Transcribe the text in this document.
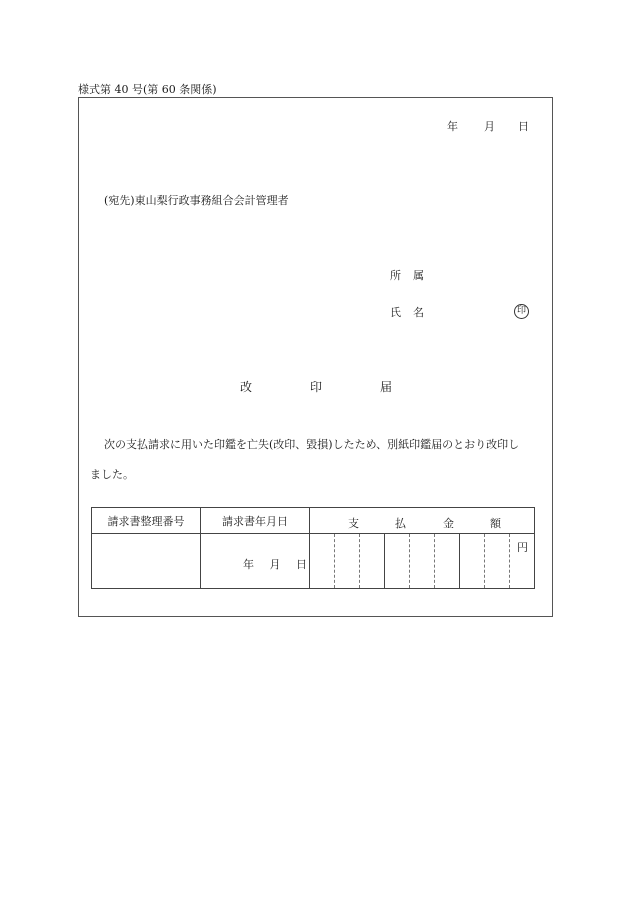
様式第 40 号(第 60 条関係)
年 月 日
(宛先)東山梨行政事務組合会計管理者
所 属
氏 名	印
改	印	届
次の支払請求に用いた印鑑を亡失(改印、毀損)したため、別紙印鑑届のとおり改印し
ました。
請求書整理番号	請求書年月日	支 払 金 額								

	年 月 日									円
